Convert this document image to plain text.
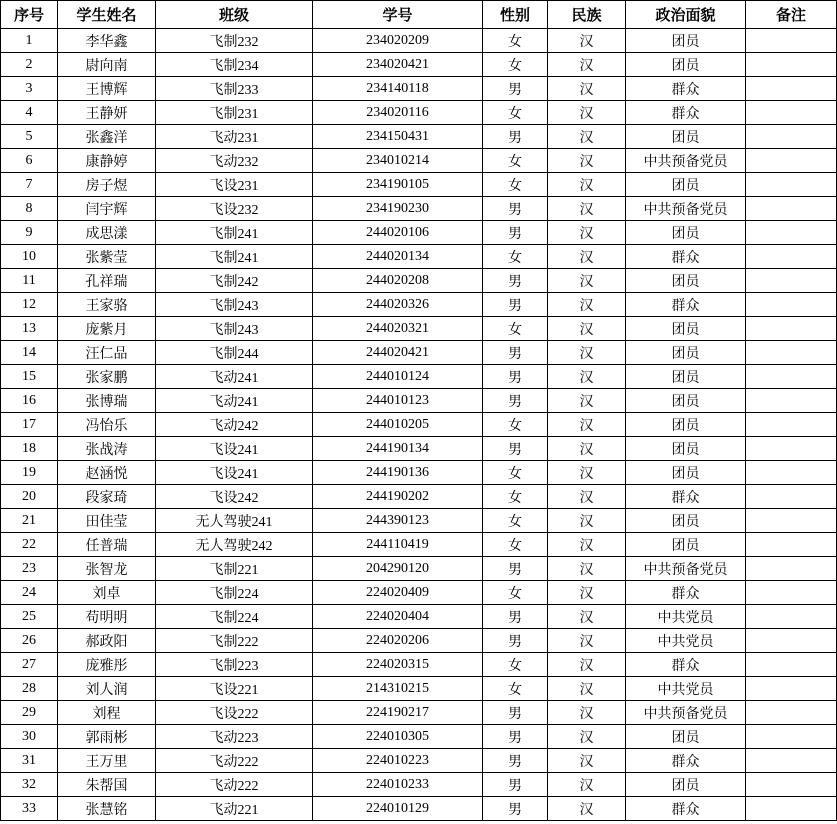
序号	学生姓名	班级	学号	性别	民族	政治面貌	备注
1	李华鑫	飞制232	234020209	女	汉	团员	
2	尉向南	飞制234	234020421	女	汉	团员	
3	王博辉	飞制233	234140118	男	汉	群众	
4	王静妍	飞制231	234020116	女	汉	群众	
5	张鑫洋	飞动231	234150431	男	汉	团员	
6	康静婷	飞动232	234010214	女	汉	中共预备党员	
7	房子煜	飞设231	234190105	女	汉	团员	
8	闫宇辉	飞设232	234190230	男	汉	中共预备党员	
9	成思漾	飞制241	244020106	男	汉	团员	
10	张紫莹	飞制241	244020134	女	汉	群众	
11	孔祥瑞	飞制242	244020208	男	汉	团员	
12	王家骆	飞制243	244020326	男	汉	群众	
13	庞紫月	飞制243	244020321	女	汉	团员	
14	汪仁品	飞制244	244020421	男	汉	团员	
15	张家鹏	飞动241	244010124	男	汉	团员	
16	张博瑞	飞动241	244010123	男	汉	团员	
17	冯怡乐	飞动242	244010205	女	汉	团员	
18	张战涛	飞设241	244190134	男	汉	团员	
19	赵涵悦	飞设241	244190136	女	汉	团员	
20	段家琦	飞设242	244190202	女	汉	群众	
21	田佳莹	无人驾驶241	244390123	女	汉	团员	
22	任普瑞	无人驾驶242	244110419	女	汉	团员	
23	张智龙	飞制221	204290120	男	汉	中共预备党员	
24	刘卓	飞制224	224020409	女	汉	群众	
25	苟明明	飞制224	224020404	男	汉	中共党员	
26	郝政阳	飞制222	224020206	男	汉	中共党员	
27	庞雅彤	飞制223	224020315	女	汉	群众	
28	刘人润	飞设221	214310215	女	汉	中共党员	
29	刘程	飞设222	224190217	男	汉	中共预备党员	
30	郭雨彬	飞动223	224010305	男	汉	团员	
31	王万里	飞动222	224010223	男	汉	群众	
32	朱帮国	飞动222	224010233	男	汉	团员	
33	张慧铭	飞动221	224010129	男	汉	群众	
